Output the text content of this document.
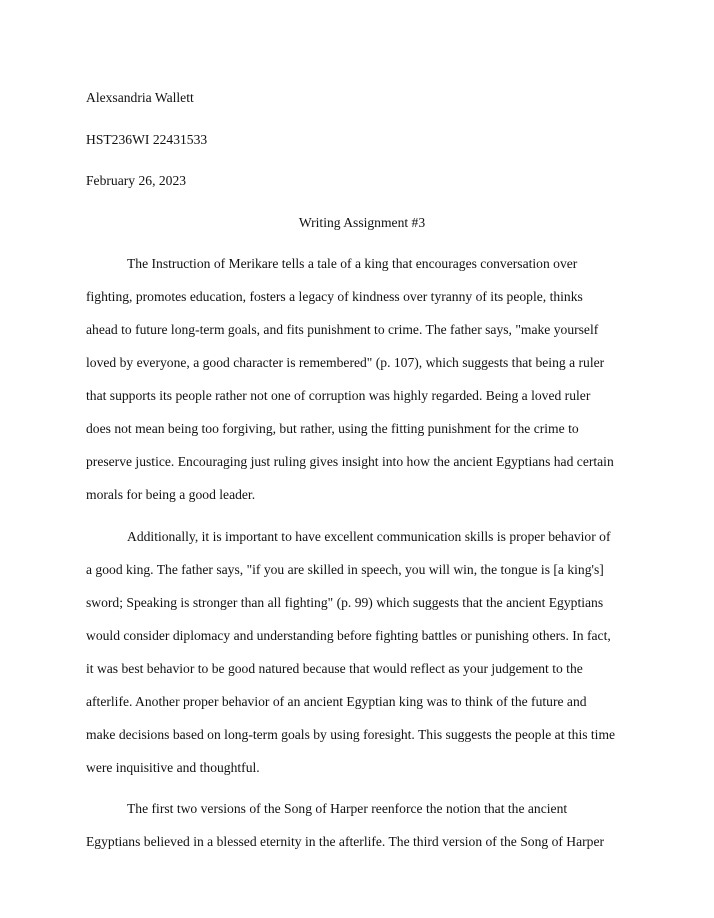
Alexsandria Wallett
HST236WI 22431533
February 26, 2023
Writing Assignment #3
The Instruction of Merikare tells a tale of a king that encourages conversation over
fighting, promotes education, fosters a legacy of kindness over tyranny of its people, thinks
ahead to future long-term goals, and fits punishment to crime. The father says, "make yourself
loved by everyone, a good character is remembered" (p. 107), which suggests that being a ruler
that supports its people rather not one of corruption was highly regarded. Being a loved ruler
does not mean being too forgiving, but rather, using the fitting punishment for the crime to
preserve justice. Encouraging just ruling gives insight into how the ancient Egyptians had certain
morals for being a good leader.
Additionally, it is important to have excellent communication skills is proper behavior of
a good king. The father says, "if you are skilled in speech, you will win, the tongue is [a king's]
sword; Speaking is stronger than all fighting" (p. 99) which suggests that the ancient Egyptians
would consider diplomacy and understanding before fighting battles or punishing others. In fact,
it was best behavior to be good natured because that would reflect as your judgement to the
afterlife. Another proper behavior of an ancient Egyptian king was to think of the future and
make decisions based on long-term goals by using foresight. This suggests the people at this time
were inquisitive and thoughtful.
The first two versions of the Song of Harper reenforce the notion that the ancient
Egyptians believed in a blessed eternity in the afterlife. The third version of the Song of Harper
